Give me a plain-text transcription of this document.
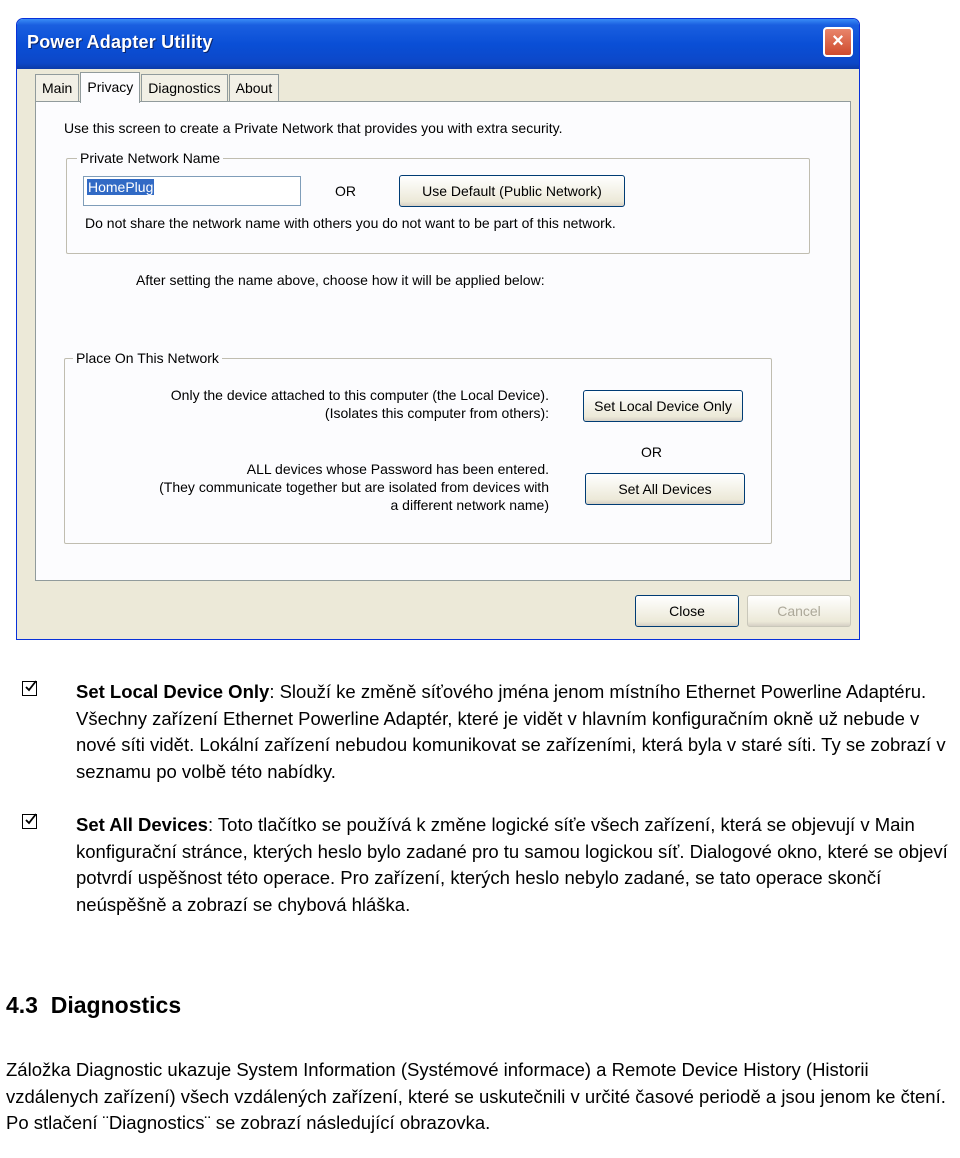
Power Adapter Utility	×
Main	Privacy	Diagnostics	About
Use this screen to create a Private Network that provides you with extra security.
Private Network Name
HomePlug	OR	Use Default (Public Network)
Do not share the network name with others you do not want to be part of this network.
After setting the name above, choose how it will be applied below:
Place On This Network
Only the device attached to this computer (the Local Device).
(Isolates this computer from others):	Set Local Device Only
OR
ALL devices whose Password has been entered.
(They communicate together but are isolated from devices with
a different network name)
Set All Devices
Close	Cancel
Set Local Device Only: Slouží ke změně síťového jména jenom místního Ethernet Powerline Adaptéru. Všechny zařízení Ethernet Powerline Adaptér, které je vidět v hlavním konfiguračním okně už nebude v nové síti vidět. Lokální zařízení nebudou komunikovat se zařízeními, která byla v staré síti. Ty se zobrazí v seznamu po volbě této nabídky.
Set All Devices: Toto tlačítko se používá k změne logické síťe všech zařízení, která se objevují v Main konfigurační stránce, kterých heslo bylo zadané pro tu samou logickou síť. Dialogové okno, které se objeví potvrdí uspěšnost této operace. Pro zařízení, kterých heslo nebylo zadané, se tato operace skončí neúspěšně a zobrazí se chybová hláška.
4.3 Diagnostics
Záložka Diagnostic ukazuje System Information (Systémové informace) a Remote Device History (Historii vzdálenych zařízení) všech vzdálených zařízení, které se uskutečnili v určité časové periodě a jsou jenom ke čtení. Po stlačení ¨Diagnostics¨ se zobrazí následující obrazovka.
